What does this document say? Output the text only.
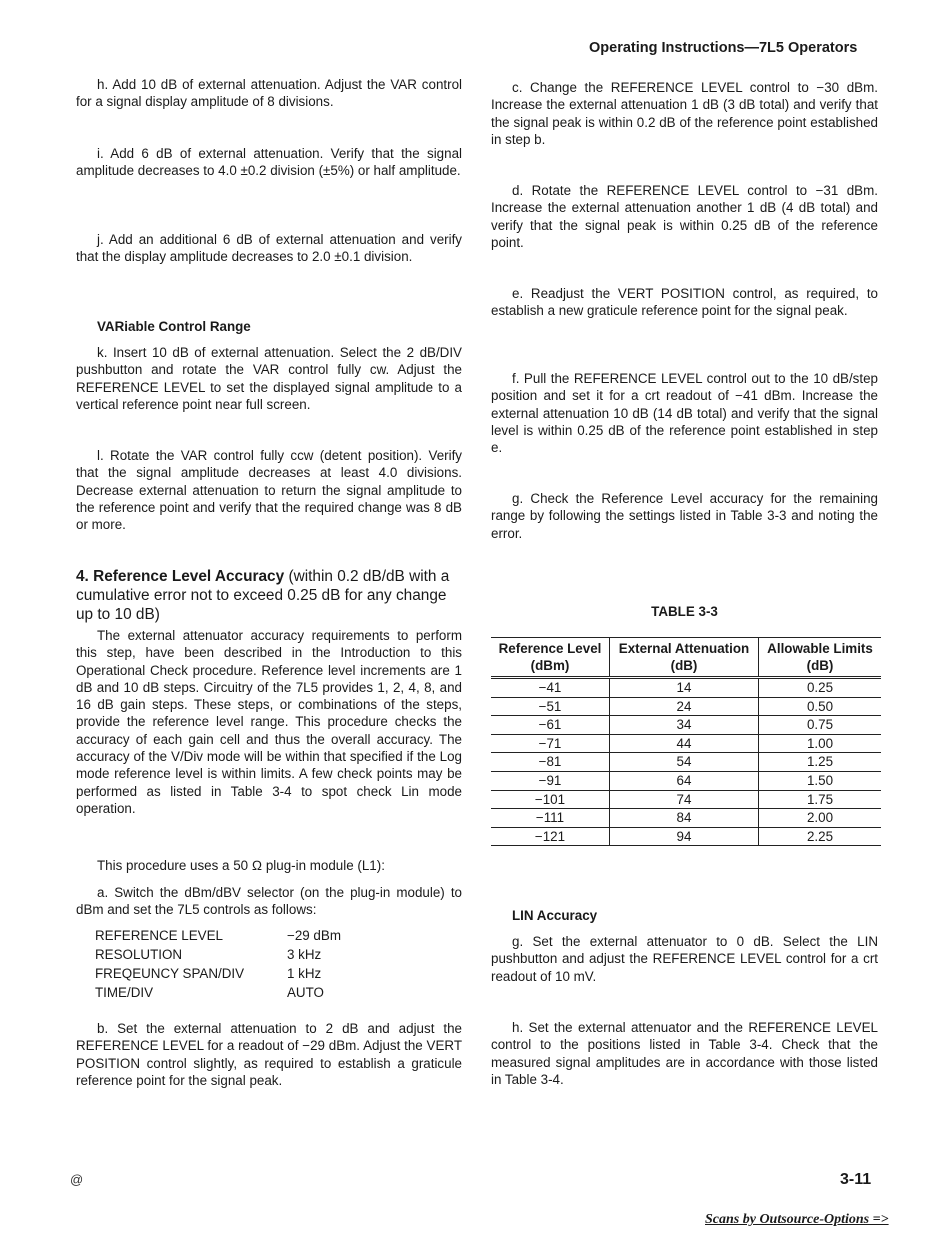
Operating Instructions—7L5 Operators
h. Add 10 dB of external attenuation. Adjust the VAR control for a signal display amplitude of 8 divisions.
i. Add 6 dB of external attenuation. Verify that the signal amplitude decreases to 4.0 ±0.2 division (±5%) or half amplitude.
j. Add an additional 6 dB of external attenuation and verify that the display amplitude decreases to 2.0 ±0.1 division.
VARiable Control Range
k. Insert 10 dB of external attenuation. Select the 2 dB/DIV pushbutton and rotate the VAR control fully cw. Adjust the REFERENCE LEVEL to set the displayed signal amplitude to a vertical reference point near full screen.
l. Rotate the VAR control fully ccw (detent position). Verify that the signal amplitude decreases at least 4.0 divisions. Decrease external attenuation to return the signal amplitude to the reference point and verify that the required change was 8 dB or more.
4. Reference Level Accuracy (within 0.2 dB/dB with a cumulative error not to exceed 0.25 dB for any change up to 10 dB)
The external attenuator accuracy requirements to perform this step, have been described in the Introduction to this Operational Check procedure. Reference level increments are 1 dB and 10 dB steps. Circuitry of the 7L5 provides 1, 2, 4, 8, and 16 dB gain steps. These steps, or combinations of the steps, provide the reference level range. This procedure checks the accuracy of each gain cell and thus the overall accuracy. The accuracy of the V/Div mode will be within that specified if the Log mode reference level is within limits. A few check points may be performed as listed in Table 3-4 to spot check Lin mode operation.
This procedure uses a 50 Ω plug-in module (L1):
a. Switch the dBm/dBV selector (on the plug-in module) to dBm and set the 7L5 controls as follows:
REFERENCE LEVEL	−29 dBm
RESOLUTION	3 kHz
FREQEUNCY SPAN/DIV	1 kHz
TIME/DIV	AUTO
b. Set the external attenuation to 2 dB and adjust the REFERENCE LEVEL for a readout of −29 dBm. Adjust the VERT POSITION control slightly, as required to establish a graticule reference point for the signal peak.
c. Change the REFERENCE LEVEL control to −30 dBm. Increase the external attenuation 1 dB (3 dB total) and verify that the signal peak is within 0.2 dB of the reference point established in step b.
d. Rotate the REFERENCE LEVEL control to −31 dBm. Increase the external attenuation another 1 dB (4 dB total) and verify that the signal peak is within 0.25 dB of the reference point.
e. Readjust the VERT POSITION control, as required, to establish a new graticule reference point for the signal peak.
f. Pull the REFERENCE LEVEL control out to the 10 dB/step position and set it for a crt readout of −41 dBm. Increase the external attenuation 10 dB (14 dB total) and verify that the signal level is within 0.25 dB of the reference point established in step e.
g. Check the Reference Level accuracy for the remaining range by following the settings listed in Table 3-3 and noting the error.
TABLE 3-3
Reference Level (dBm)	External Attenuation (dB)	Allowable Limits (dB)
−41	14	0.25
−51	24	0.50
−61	34	0.75
−71	44	1.00
−81	54	1.25
−91	64	1.50
−101	74	1.75
−111	84	2.00
−121	94	2.25
LIN Accuracy
g. Set the external attenuator to 0 dB. Select the LIN pushbutton and adjust the REFERENCE LEVEL control for a crt readout of 10 mV.
h. Set the external attenuator and the REFERENCE LEVEL control to the positions listed in Table 3-4. Check that the measured signal amplitudes are in accordance with those listed in Table 3-4.
@	3-11
Scans by Outsource-Options =>
